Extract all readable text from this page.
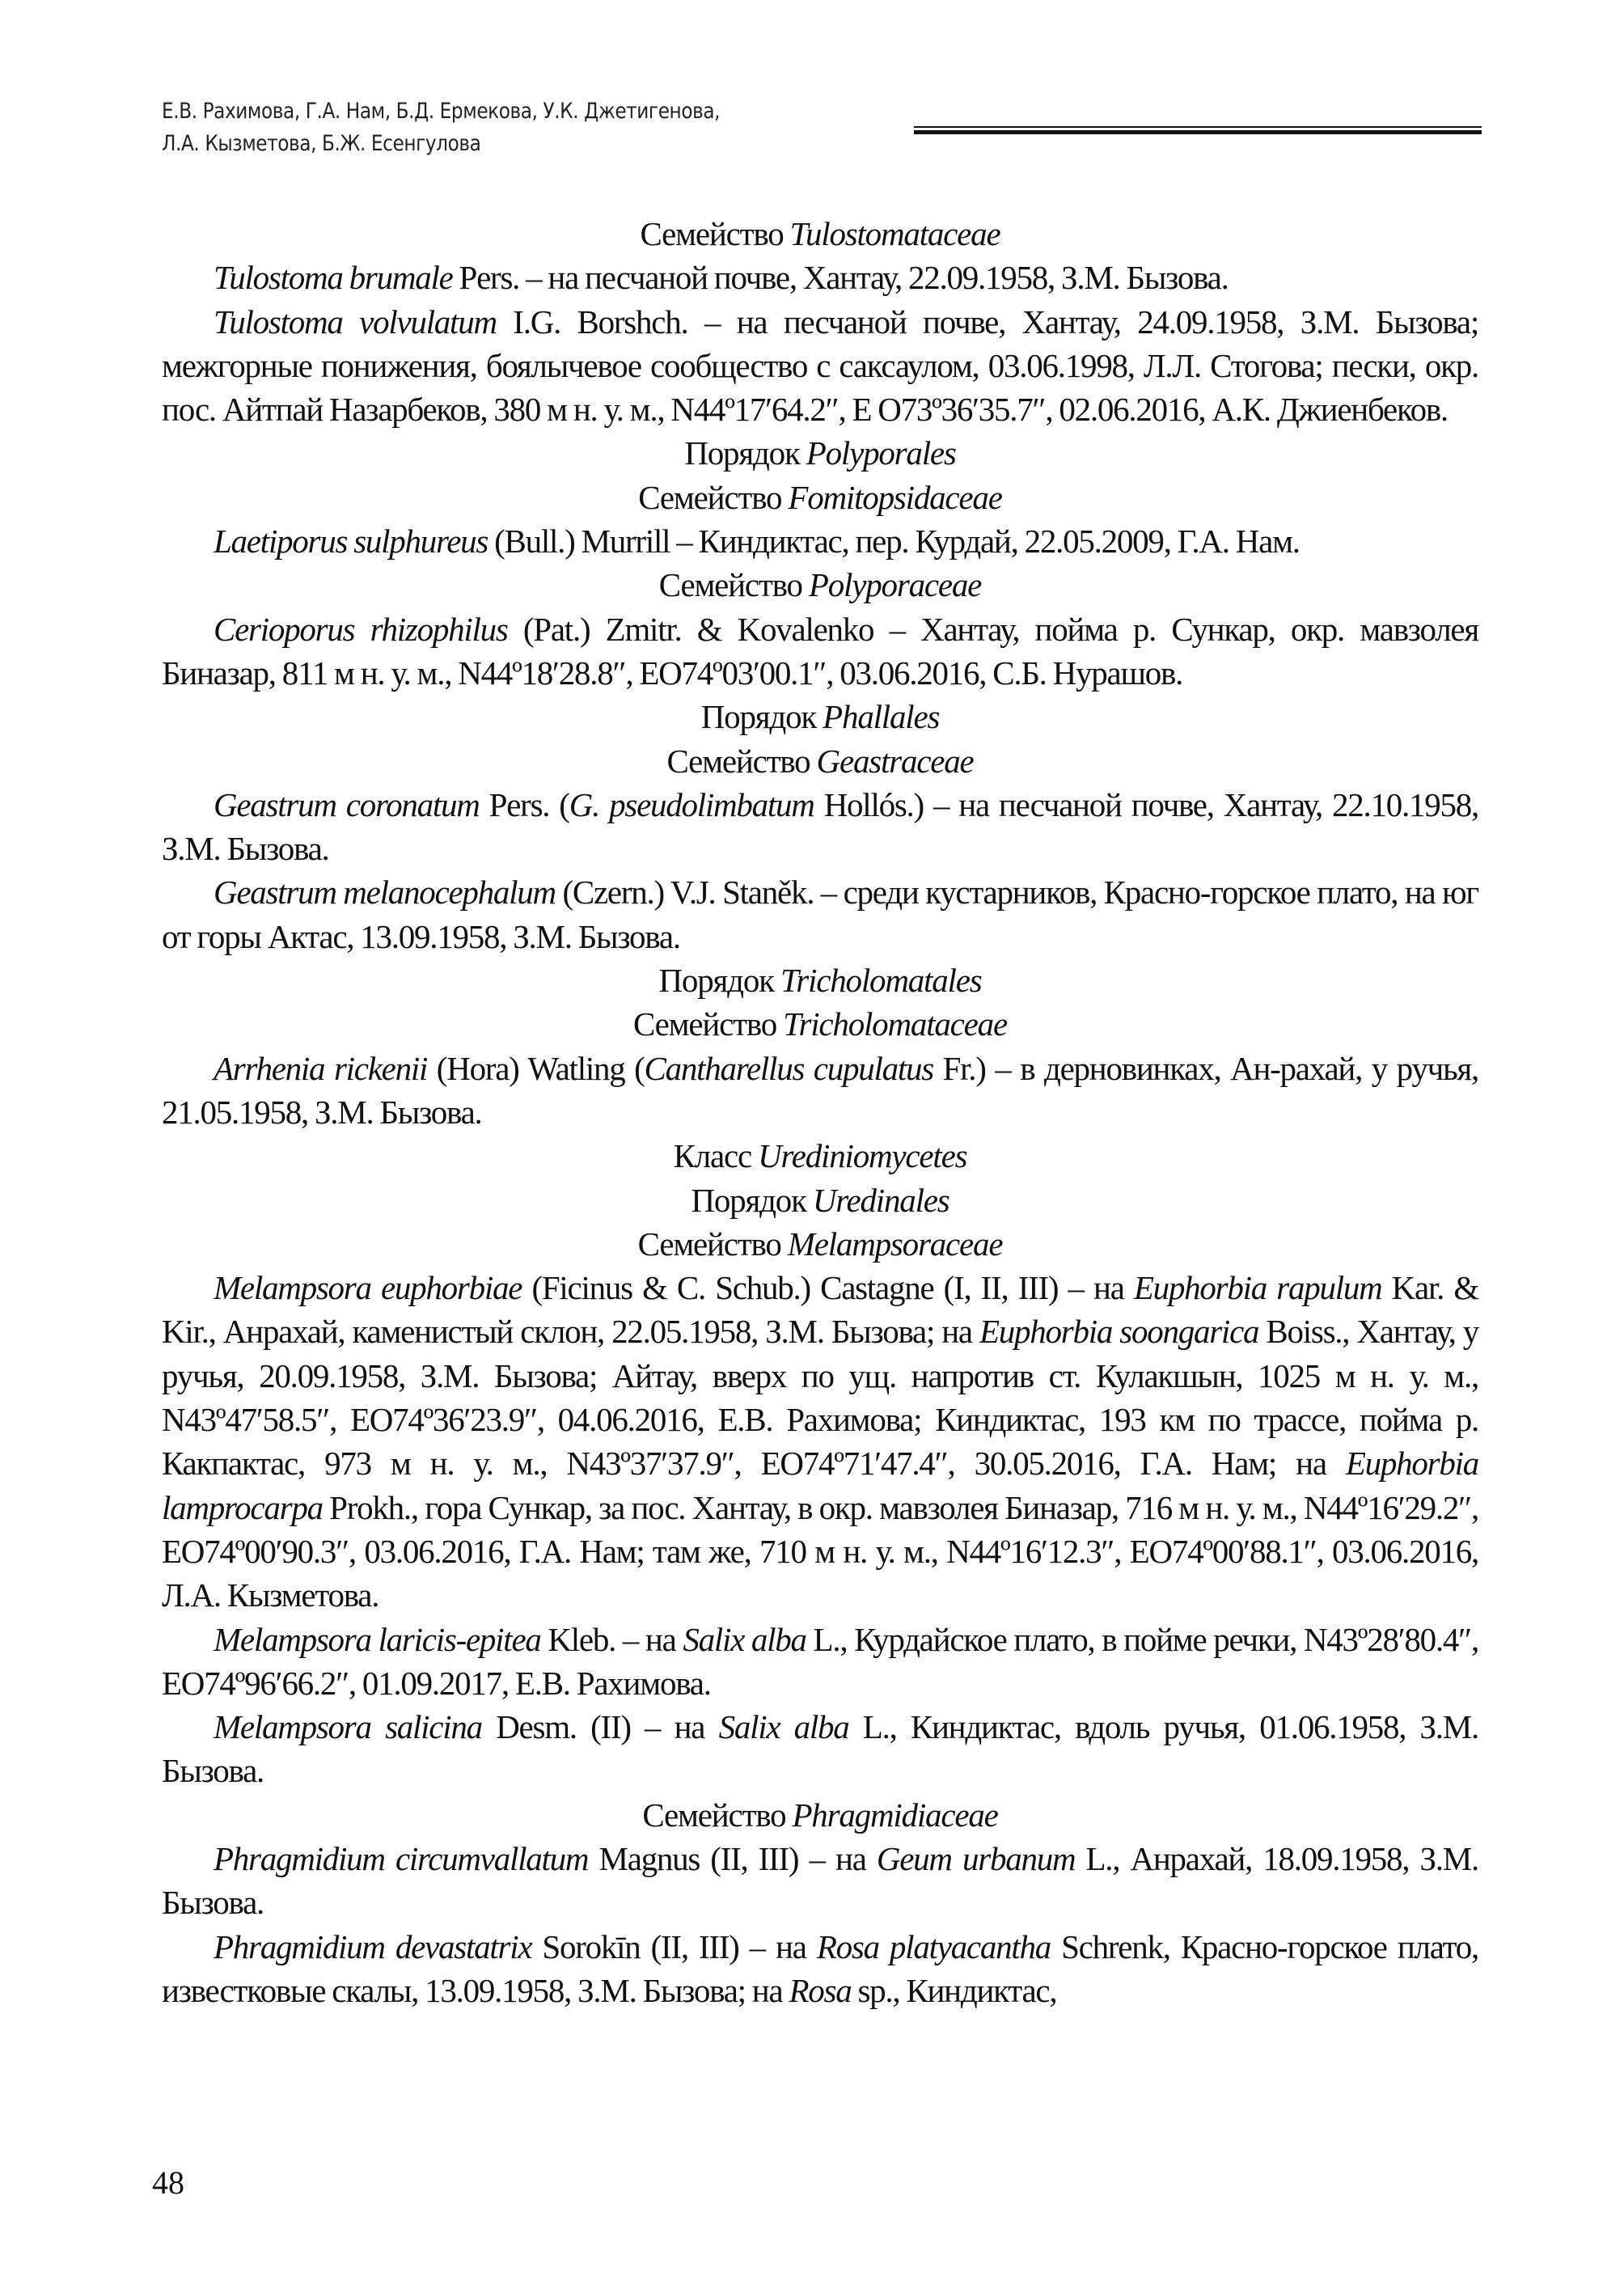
Е.В. Рахимова, Г.А. Нам, Б.Д. Ермекова, У.К. Джетигенова,
Л.А. Кызметова, Б.Ж. Есенгулова
Семейство Tulostomataceae
Tulostoma brumale Pers. – на песчаной почве, Хантау, 22.09.1958, З.М. Бызова.
Tulostoma volvulatum I.G. Borshch. – на песчаной почве, Хантау, 24.09.1958, З.М. Бызова; межгорные понижения, боялычевое сообщество с саксаулом, 03.06.1998, Л.Л. Стогова; пески, окр. пос. Айтпай Назарбеков, 380 м н. у. м., N44º17′64.2″, Е О73º36′35.7″, 02.06.2016, А.К. Джиенбеков.
Порядок Polyporales
Семейство Fomitopsidaceae
Laetiporus sulphureus (Bull.) Murrill – Киндиктас, пер. Курдай, 22.05.2009, Г.А. Нам.
Семейство Polyporaceae
Cerioporus rhizophilus (Pat.) Zmitr. & Kovalenko – Хантау, пойма р. Сункар, окр. мавзолея Биназар, 811 м н. у. м., N44º18′28.8″, ЕО74º03′00.1″, 03.06.2016, С.Б. Нурашов.
Порядок Phallales
Семейство Geastraceae
Geastrum coronatum Pers. (G. pseudolimbatum Hollós.) – на песчаной почве, Хантау, 22.10.1958, З.М. Бызова.
Geastrum melanocephalum (Czern.) V.J. Staněk. – среди кустарников, Красно-горское плато, на юг от горы Актас, 13.09.1958, З.М. Бызова.
Порядок Tricholomatales
Семейство Tricholomataceae
Arrhenia rickenii (Hora) Watling (Cantharellus cupulatus Fr.) – в дерновинках, Ан-рахай, у ручья, 21.05.1958, З.М. Бызова.
Класс Urediniomycetes
Порядок Uredinales
Семейство Melampsoraceae
Melampsora euphorbiae (Ficinus & C. Schub.) Castagne (I, II, III) – на Euphorbia rapulum Kar. & Kir., Анрахай, каменистый склон, 22.05.1958, З.М. Бызова; на Euphorbia soongarica Boiss., Хантау, у ручья, 20.09.1958, З.М. Бызова; Айтау, вверх по ущ. напротив ст. Кулакшын, 1025 м н. у. м., N43º47′58.5″, ЕО74º36′23.9″, 04.06.2016, Е.В. Рахимова; Киндиктас, 193 км по трассе, пойма р. Какпактас, 973 м н. у. м., N43º37′37.9″, ЕО74º71′47.4″, 30.05.2016, Г.А. Нам; на Euphorbia lamprocarpa Prokh., гора Сункар, за пос. Хантау, в окр. мавзолея Биназар, 716 м н. у. м., N44º16′29.2″, ЕО74º00′90.3″, 03.06.2016, Г.А. Нам; там же, 710 м н. у. м., N44º16′12.3″, ЕО74º00′88.1″, 03.06.2016, Л.А. Кызметова.
Melampsora laricis-epitea Kleb. – на Salix alba L., Курдайское плато, в пойме речки, N43º28′80.4″, ЕО74º96′66.2″, 01.09.2017, Е.В. Рахимова.
Melampsora salicina Desm. (II) – на Salix alba L., Киндиктас, вдоль ручья, 01.06.1958, З.М. Бызова.
Семейство Phragmidiaceae
Phragmidium circumvallatum Magnus (II, III) – на Geum urbanum L., Анрахай, 18.09.1958, З.М. Бызова.
Phragmidium devastatrix Sorokīn (II, III) – на Rosa platyacantha Schrenk, Красно-горское плато, известковые скалы, 13.09.1958, З.М. Бызова; на Rosa sp., Киндиктас,
48
